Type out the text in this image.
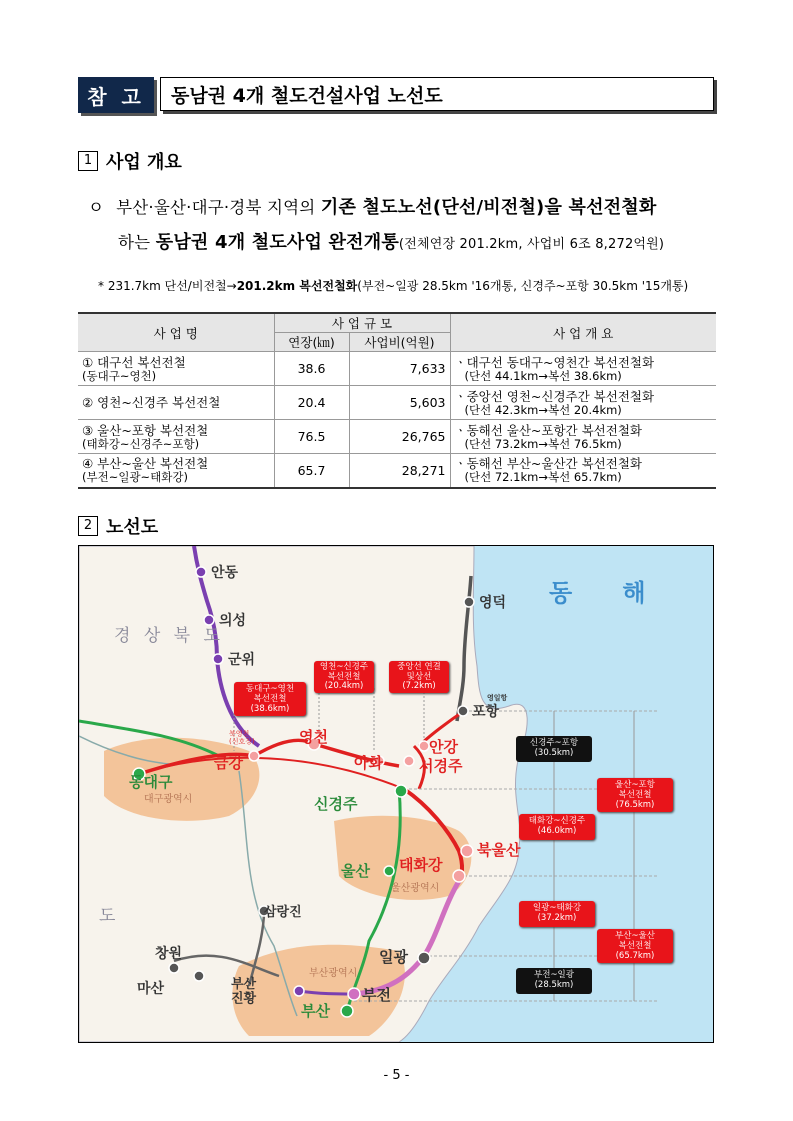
참 고	동남권 4개 철도건설사업 노선도
1 사업 개요
ㅇ 부산·울산·대구·경북 지역의 기존 철도노선(단선/비전철)을 복선전철화
하는 동남권 4개 철도사업 완전개통(전체연장 201.2km, 사업비 6조 8,272억원)
* 231.7km 단선/비전철→201.2km 복선전철화(부전~일광 28.5km '16개통, 신경주~포항 30.5km '15개통)
사 업 명	사 업 규 모		사 업 개 요
	연장(㎞)	사업비(억원)	

① 대구선 복선전철
(동대구~영천)	38.6	7,633	ㆍ대구선 동대구~영천간 복선전철화
(단선 44.1km→복선 38.6km)

② 영천~신경주 복선전철	20.4	5,603	ㆍ중앙선 영천~신경주간 복선전철화
(단선 42.3km→복선 20.4km)

③ 울산~포항 복선전철
(태화강~신경주~포항)	76.5	26,765	ㆍ동해선 울산~포항간 복선전철화
(단선 73.2km→복선 76.5km)

④ 부산~울산 복선전철
(부전~일광~태화강)	65.7	28,271	ㆍ동해선 부산~울산간 복선전철화
(단선 72.1km→복선 65.7km)
2 노선도
경 상 북 도
도
동      해
대구광역시
울산광역시
부산광역시
안동
의성
군위
영덕
포항
영일항
영천
금강
동대구
아화
안강
서경주
신경주
울산 태화강
북울산
삼랑진
창원
마산	부산 진황
부산
부전
일광
북영천 (신호장)
동대구~영천
복선전철
(38.6km)
영천~신경주
복선전철
(20.4km)
중앙선 연결
및상선
(7.2km)
신경주~포항
(30.5km)
울산~포항
복선전철
(76.5km)
태화강~신경주
(46.0km)
일광~태화강
(37.2km)
부산~울산
복선전철
(65.7km)
부전~일광
(28.5km)
- 5 -
